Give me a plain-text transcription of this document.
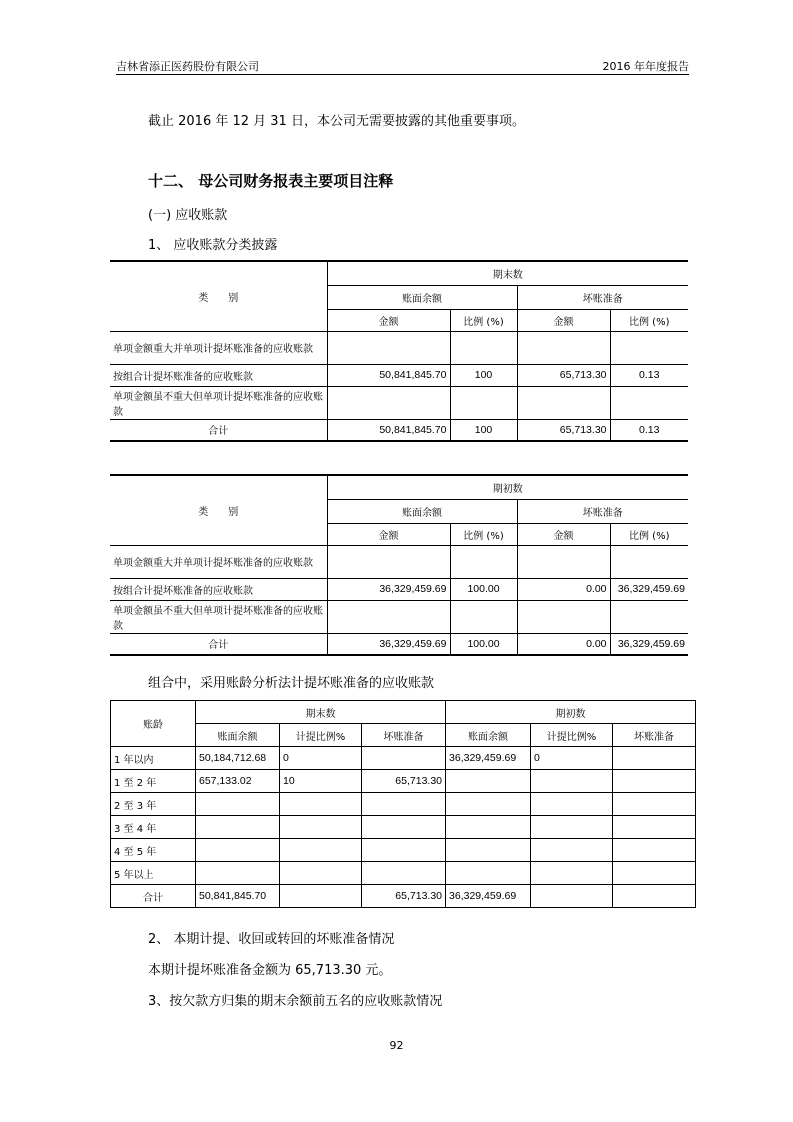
吉林省添正医药股份有限公司	2016 年年度报告
截止 2016 年 12 月 31 日，本公司无需要披露的其他重要事项。
十二、 母公司财务报表主要项目注释
(一) 应收账款
1、 应收账款分类披露
类　　别	期末数			
	账面余额		坏账准备	
	金额	比例 (%)	金额	比例 (%)
单项金额重大并单项计提坏账准备的应收账款				
按组合计提坏账准备的应收账款	50,841,845.70	100	65,713.30	0.13
单项金额虽不重大但单项计提坏账准备的应收账款				
合计	50,841,845.70	100	65,713.30	0.13
类　　别	期初数			
	账面余额		坏账准备	
	金额	比例 (%)	金额	比例 (%)
单项金额重大并单项计提坏账准备的应收账款				
按组合计提坏账准备的应收账款	36,329,459.69	100.00	0.00	36,329,459.69
单项金额虽不重大但单项计提坏账准备的应收账款				
合计	36,329,459.69	100.00	0.00	36,329,459.69
组合中，采用账龄分析法计提坏账准备的应收账款
账龄	期末数			期初数		
	账面余额	计提比例%	坏账准备	账面余额	计提比例%	坏账准备
1 年以内	50,184,712.68	0		36,329,459.69	0	
1 至 2 年	657,133.02	10	65,713.30			
2 至 3 年						
3 至 4 年						
4 至 5 年						
5 年以上						
合计	50,841,845.70		65,713.30	36,329,459.69		
2、 本期计提、收回或转回的坏账准备情况
本期计提坏账准备金额为 65,713.30 元。
3、按欠款方归集的期末余额前五名的应收账款情况
92
